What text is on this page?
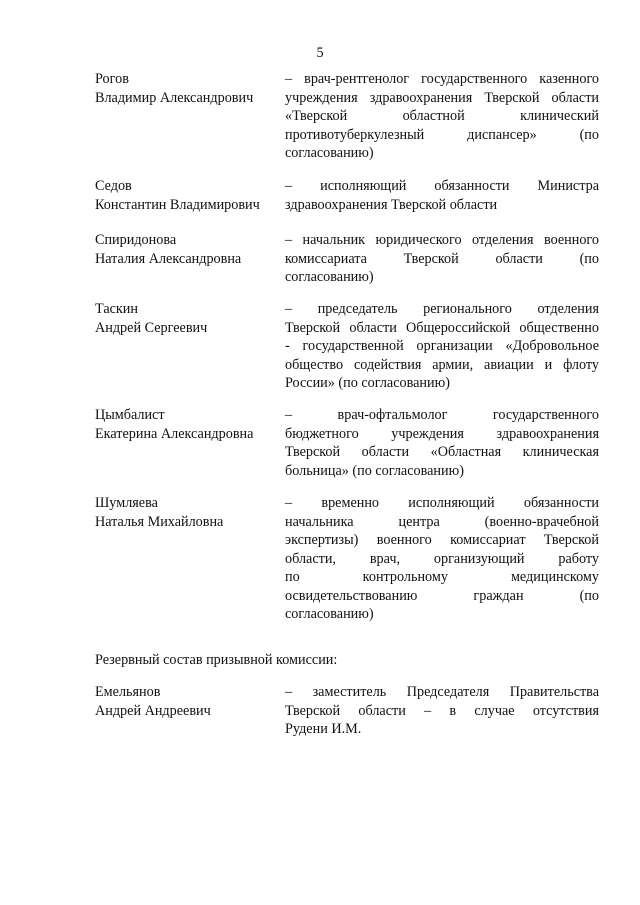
5
Рогов
Владимир Александрович
– врач-рентгенолог государственного казенного
учреждения здравоохранения Тверской области
«Тверской областной клинический
противотуберкулезный диспансер» (по
согласованию)
Седов
Константин Владимирович
– исполняющий обязанности Министра
здравоохранения Тверской области
Спиридонова
Наталия Александровна
– начальник юридического отделения военного
комиссариата Тверской области (по
согласованию)
Таскин
Андрей Сергеевич
– председатель регионального отделения
Тверской области Общероссийской общественно
- государственной организации «Добровольное
общество содействия армии, авиации и флоту
России» (по согласованию)
Цымбалист
Екатерина Александровна
– врач-офтальмолог государственного
бюджетного учреждения здравоохранения
Тверской области «Областная клиническая
больница» (по согласованию)
Шумляева
Наталья Михайловна
– временно исполняющий обязанности
начальника центра (военно-врачебной
экспертизы) военного комиссариат Тверской
области, врач, организующий работу
по контрольному медицинскому
освидетельствованию граждан (по
согласованию)
Резервный состав призывной комиссии:
Емельянов
Андрей Андреевич
– заместитель Председателя Правительства
Тверской области – в случае отсутствия
Рудени И.М.
